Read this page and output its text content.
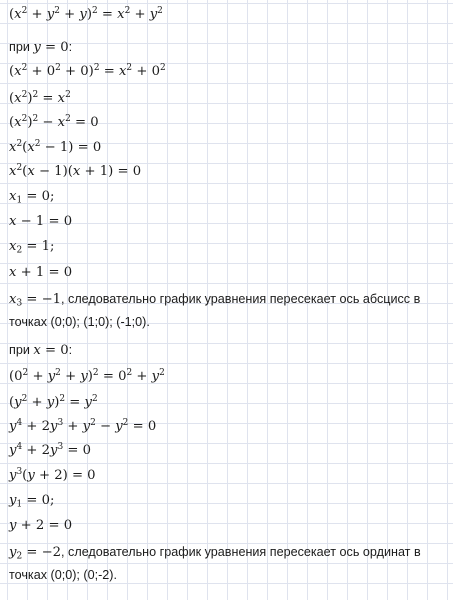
$(x^2 + y^2 + y)^2 = x^2 + y^2$
при y = 0:
$(x^2 + 0^2 + 0)^2 = x^2 + 0^2$
$(x^2)^2 = x^2$
$(x^2)^2 - x^2 = 0$
$x^2(x^2 - 1) = 0$
$x^2(x - 1)(x + 1) = 0$
$x_1 = 0$;
x − 1 = 0
$x_2 = 1$;
x + 1 = 0
$x_3 = -1$, следовательно график уравнения пересекает ось абсцисс в точках (0;0); (1;0); (-1;0).
при x = 0:
$(0^2 + y^2 + y)^2 = 0^2 + y^2$
$(y^2 + y)^2 = y^2$
$y^4 + 2y^3 + y^2 - y^2 = 0$
$y^4 + 2y^3 = 0$
$y^3(y + 2) = 0$
$y_1 = 0$;
y + 2 = 0
$y_2 = -2$, следовательно график уравнения пересекает ось ординат в точках (0;0); (0;-2).
